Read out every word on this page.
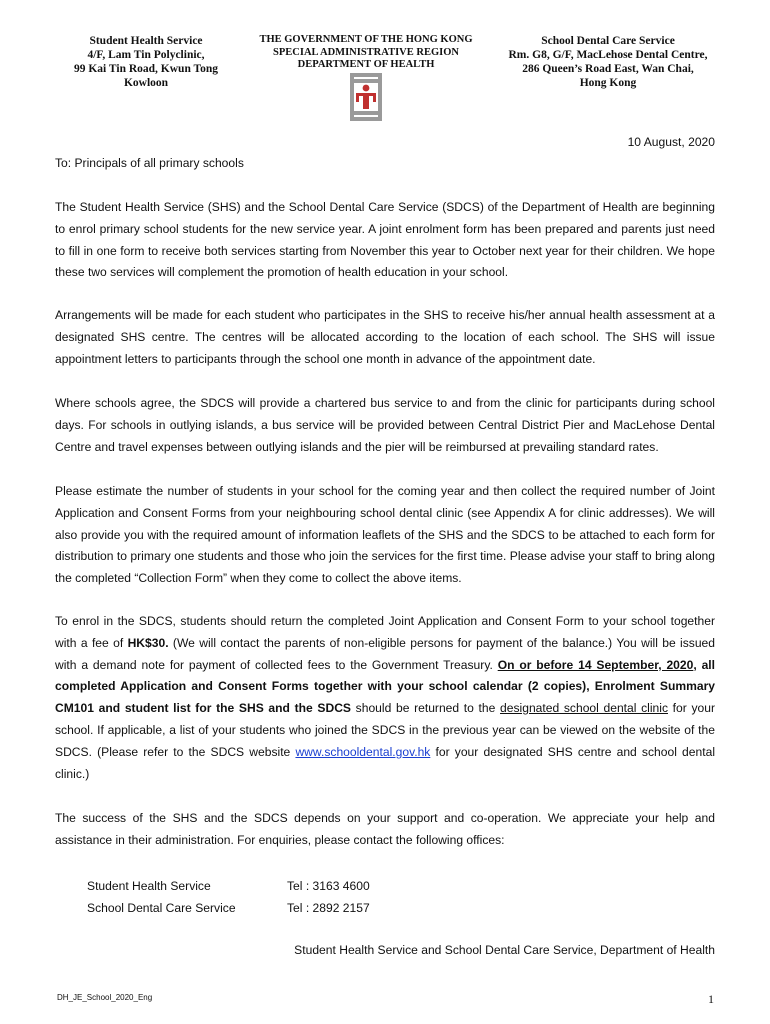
Student Health Service
4/F, Lam Tin Polyclinic,
99 Kai Tin Road, Kwun Tong
Kowloon
THE GOVERNMENT OF THE HONG KONG
SPECIAL ADMINISTRATIVE REGION
DEPARTMENT OF HEALTH
School Dental Care Service
Rm. G8, G/F, MacLehose Dental Centre,
286 Queen’s Road East, Wan Chai,
Hong Kong
10 August, 2020
To: Principals of all primary schools

The Student Health Service (SHS) and the School Dental Care Service (SDCS) of the Department of Health are beginning to enrol primary school students for the new service year. A joint enrolment form has been prepared and parents just need to fill in one form to receive both services starting from November this year to October next year for their children. We hope these two services will complement the promotion of health education in your school.

Arrangements will be made for each student who participates in the SHS to receive his/her annual health assessment at a designated SHS centre. The centres will be allocated according to the location of each school. The SHS will issue appointment letters to participants through the school one month in advance of the appointment date.

Where schools agree, the SDCS will provide a chartered bus service to and from the clinic for participants during school days. For schools in outlying islands, a bus service will be provided between Central District Pier and MacLehose Dental Centre and travel expenses between outlying islands and the pier will be reimbursed at prevailing standard rates.

Please estimate the number of students in your school for the coming year and then collect the required number of Joint Application and Consent Forms from your neighbouring school dental clinic (see Appendix A for clinic addresses). We will also provide you with the required amount of information leaflets of the SHS and the SDCS to be attached to each form for distribution to primary one students and those who join the services for the first time. Please advise your staff to bring along the completed “Collection Form” when they come to collect the above items.

To enrol in the SDCS, students should return the completed Joint Application and Consent Form to your school together with a fee of HK$30. (We will contact the parents of non-eligible persons for payment of the balance.) You will be issued with a demand note for payment of collected fees to the Government Treasury. On or before 14 September, 2020, all completed Application and Consent Forms together with your school calendar (2 copies), Enrolment Summary CM101 and student list for the SHS and the SDCS should be returned to the designated school dental clinic for your school. If applicable, a list of your students who joined the SDCS in the previous year can be viewed on the website of the SDCS. (Please refer to the SDCS website www.schooldental.gov.hk for your designated SHS centre and school dental clinic.)

The success of the SHS and the SDCS depends on your support and co-operation. We appreciate your help and assistance in their administration. For enquiries, please contact the following offices:

Student Health Service	Tel : 3163 4600
School Dental Care Service	Tel : 2892 2157
Student Health Service and School Dental Care Service, Department of Health
DH_JE_School_2020_Eng	1
